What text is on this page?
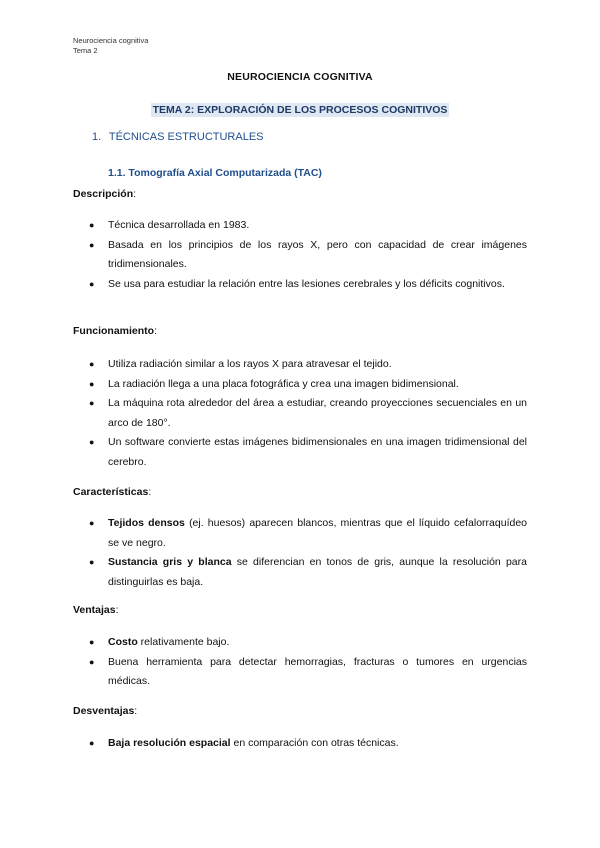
Neurociencia cognitiva
Tema 2
NEUROCIENCIA COGNITIVA
TEMA 2: EXPLORACIÓN DE LOS PROCESOS COGNITIVOS
1. TÉCNICAS ESTRUCTURALES
1.1. Tomografía Axial Computarizada (TAC)
Descripción:
● Técnica desarrollada en 1983.
● Basada en los principios de los rayos X, pero con capacidad de crear imágenes tridimensionales.
● Se usa para estudiar la relación entre las lesiones cerebrales y los déficits cognitivos.
Funcionamiento:
● Utiliza radiación similar a los rayos X para atravesar el tejido.
● La radiación llega a una placa fotográfica y crea una imagen bidimensional.
● La máquina rota alrededor del área a estudiar, creando proyecciones secuenciales en un arco de 180°.
● Un software convierte estas imágenes bidimensionales en una imagen tridimensional del cerebro.
Características:
● Tejidos densos (ej. huesos) aparecen blancos, mientras que el líquido cefalorraquídeo se ve negro.
● Sustancia gris y blanca se diferencian en tonos de gris, aunque la resolución para distinguirlas es baja.
Ventajas:
● Costo relativamente bajo.
● Buena herramienta para detectar hemorragias, fracturas o tumores en urgencias médicas.
Desventajas:
● Baja resolución espacial en comparación con otras técnicas.
